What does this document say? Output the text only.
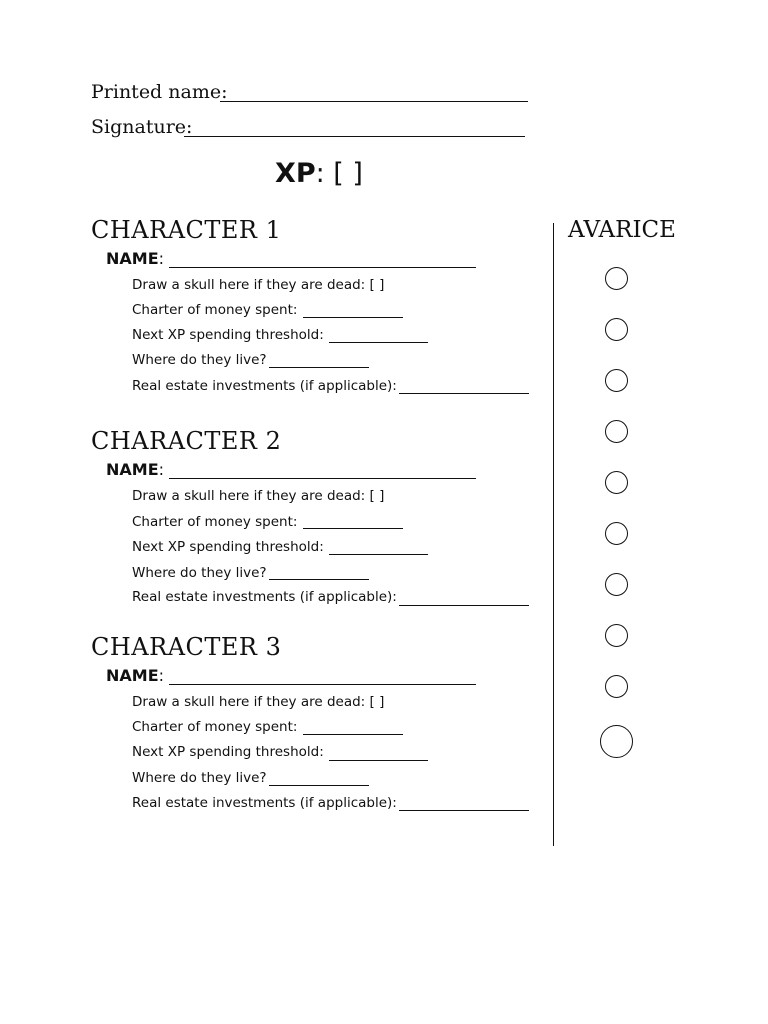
Printed name:
Signature:
XP: [ ]
CHARACTER 1
NAME:
Draw a skull here if they are dead: [ ]
Charter of money spent:
Next XP spending threshold:
Where do they live?
Real estate investments (if applicable):
CHARACTER 2
NAME:
Draw a skull here if they are dead: [ ]
Charter of money spent:
Next XP spending threshold:
Where do they live?
Real estate investments (if applicable):
CHARACTER 3
NAME:
Draw a skull here if they are dead: [ ]
Charter of money spent:
Next XP spending threshold:
Where do they live?
Real estate investments (if applicable):
AVARICE
